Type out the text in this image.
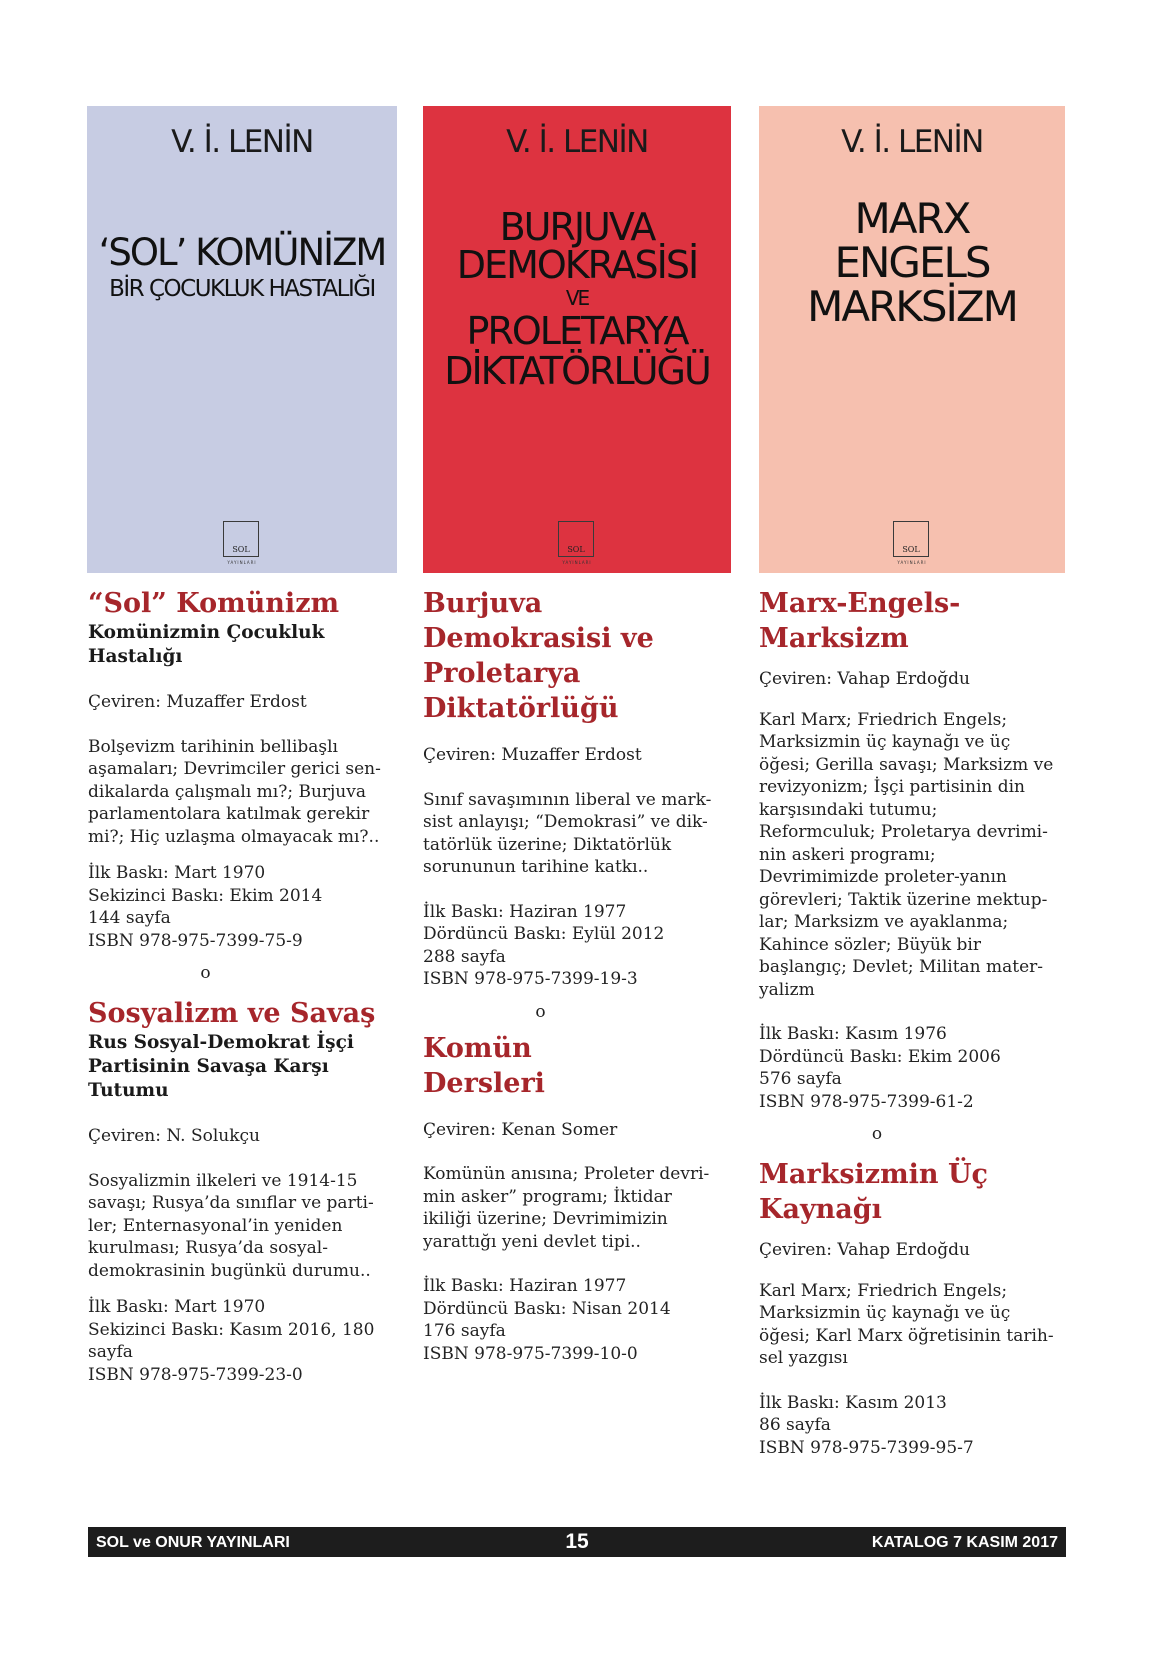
V. İ. LENİN
‘SOL’ KOMÜNİZM
BİR ÇOCUKLUK HASTALIĞI
SOL
YAYINLARI
V. İ. LENİN
BURJUVA
DEMOKRASİSİ
VE
PROLETARYA
DİKTATÖRLÜĞÜ
SOL
YAYINLARI
V. İ. LENİN
MARX
ENGELS
MARKSİZM
SOL
YAYINLARI
“Sol” Komünizm

Komünizmin Çocukluk

Hastalığı

Çeviren: Muzaffer Erdost

Bolşevizm tarihinin bellibaşlı

aşamaları; Devrimciler gerici sen-

dikalarda çalışmalı mı?; Burjuva

parlamentolara katılmak gerekir

mi?; Hiç uzlaşma olmayacak mı?..

İlk Baskı: Mart 1970

Sekizinci Baskı: Ekim 2014

144 sayfa

ISBN 978-975-7399-75-9

o
Sosyalizm ve Savaş

Rus Sosyal-Demokrat İşçi

Partisinin Savaşa Karşı

Tutumu

Çeviren: N. Solukçu

Sosyalizmin ilkeleri ve 1914-15

savaşı; Rusya’da sınıflar ve parti-

ler; Enternasyonal’in yeniden

kurulması; Rusya’da sosyal-

demokrasinin bugünkü durumu..

İlk Baskı: Mart 1970

Sekizinci Baskı: Kasım 2016, 180

sayfa

ISBN 978-975-7399-23-0

Burjuva
Demokrasisi ve
Proletarya
Diktatörlüğü

Çeviren: Muzaffer Erdost

Sınıf savaşımının liberal ve mark-

sist anlayışı; “Demokrasi” ve dik-

tatörlük üzerine; Diktatörlük

sorununun tarihine katkı..

İlk Baskı: Haziran 1977

Dördüncü Baskı: Eylül 2012

288 sayfa

ISBN 978-975-7399-19-3

o
Komün
Dersleri

Çeviren: Kenan Somer

Komünün anısına; Proleter devri-

min asker” programı; İktidar

ikiliği üzerine; Devrimimizin

yarattığı yeni devlet tipi..

İlk Baskı: Haziran 1977

Dördüncü Baskı: Nisan 2014

176 sayfa

ISBN 978-975-7399-10-0

Marx-Engels-
Marksizm

Çeviren: Vahap Erdoğdu

Karl Marx; Friedrich Engels;

Marksizmin üç kaynağı ve üç

öğesi; Gerilla savaşı; Marksizm ve

revizyonizm; İşçi partisinin din

karşısındaki tutumu;

Reformculuk; Proletarya devrimi-

nin askeri programı;

Devrimimizde proleter-yanın

görevleri; Taktik üzerine mektup-

lar; Marksizm ve ayaklanma;

Kahince sözler; Büyük bir

başlangıç; Devlet; Militan mater-

yalizm

İlk Baskı: Kasım 1976

Dördüncü Baskı: Ekim 2006

576 sayfa

ISBN 978-975-7399-61-2

o
Marksizmin Üç
Kaynağı

Çeviren: Vahap Erdoğdu

Karl Marx; Friedrich Engels;

Marksizmin üç kaynağı ve üç

öğesi; Karl Marx öğretisinin tarih-

sel yazgısı

İlk Baskı: Kasım 2013

86 sayfa

ISBN 978-975-7399-95-7

SOL ve ONUR YAYINLARI	15	KATALOG 7 KASIM 2017
